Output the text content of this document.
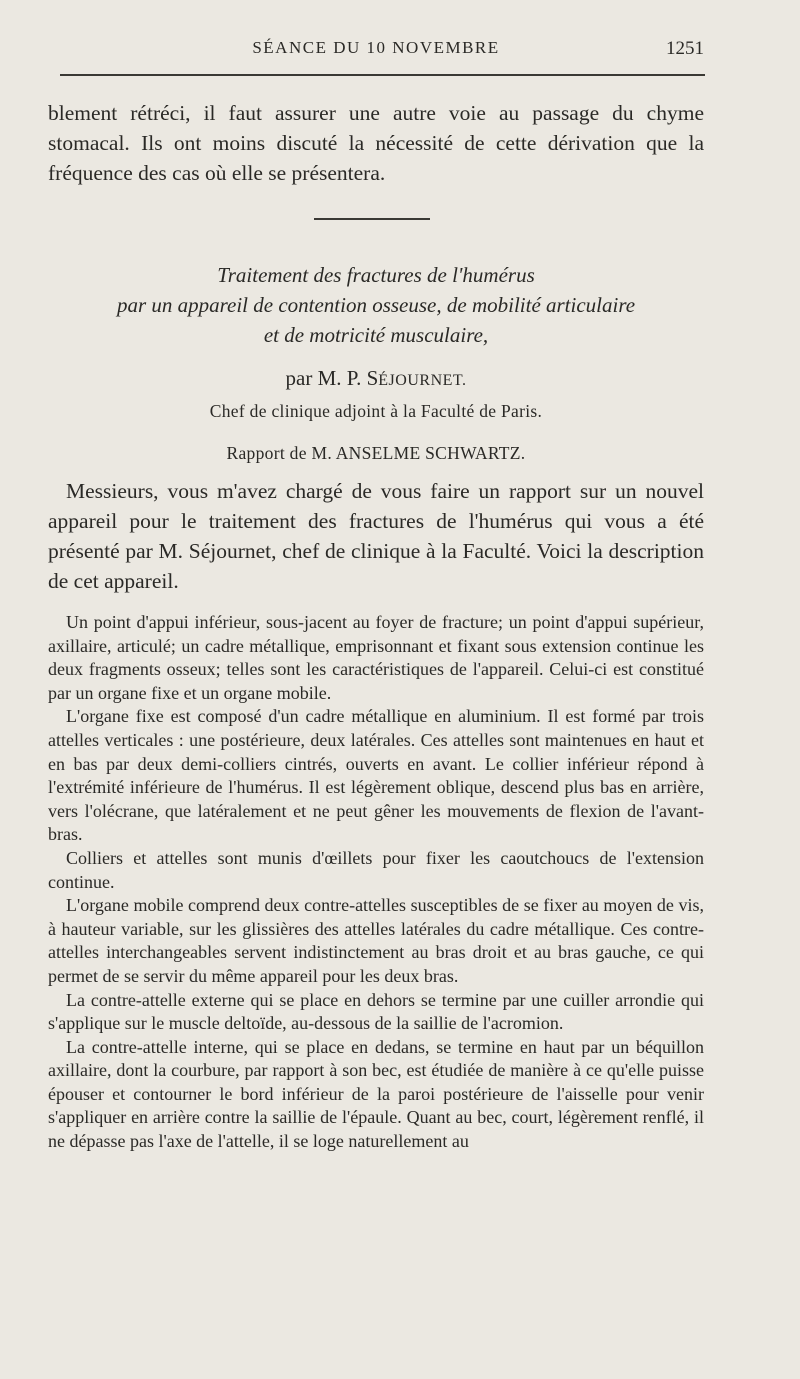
SÉANCE DU 10 NOVEMBRE	1251

blement rétréci, il faut assurer une autre voie au passage du chyme stomacal. Ils ont moins discuté la nécessité de cette dérivation que la fréquence des cas où elle se présentera.

Traitement des fractures de l'humérus
par un appareil de contention osseuse, de mobilité articulaire
et de motricité musculaire,
par M. P. SÉJOURNET.
Chef de clinique adjoint à la Faculté de Paris.
Rapport de M. ANSELME SCHWARTZ.

Messieurs, vous m'avez chargé de vous faire un rapport sur un nouvel appareil pour le traitement des fractures de l'humérus qui vous a été présenté par M. Séjournet, chef de clinique à la Faculté. Voici la description de cet appareil.

Un point d'appui inférieur, sous-jacent au foyer de fracture; un point d'appui supérieur, axillaire, articulé; un cadre métallique, emprisonnant et fixant sous extension continue les deux fragments osseux; telles sont les caractéristiques de l'appareil. Celui-ci est constitué par un organe fixe et un organe mobile.

L'organe fixe est composé d'un cadre métallique en aluminium. Il est formé par trois attelles verticales : une postérieure, deux latérales. Ces attelles sont maintenues en haut et en bas par deux demi-colliers cintrés, ouverts en avant. Le collier inférieur répond à l'extrémité inférieure de l'humérus. Il est légèrement oblique, descend plus bas en arrière, vers l'olécrane, que latéralement et ne peut gêner les mouvements de flexion de l'avant-bras.

Colliers et attelles sont munis d'œillets pour fixer les caoutchoucs de l'extension continue.

L'organe mobile comprend deux contre-attelles susceptibles de se fixer au moyen de vis, à hauteur variable, sur les glissières des attelles latérales du cadre métallique. Ces contre-attelles interchangeables servent indistinctement au bras droit et au bras gauche, ce qui permet de se servir du même appareil pour les deux bras.

La contre-attelle externe qui se place en dehors se termine par une cuiller arrondie qui s'applique sur le muscle deltoïde, au-dessous de la saillie de l'acromion.

La contre-attelle interne, qui se place en dedans, se termine en haut par un béquillon axillaire, dont la courbure, par rapport à son bec, est étudiée de manière à ce qu'elle puisse épouser et contourner le bord inférieur de la paroi postérieure de l'aisselle pour venir s'appliquer en arrière contre la saillie de l'épaule. Quant au bec, court, légèrement renflé, il ne dépasse pas l'axe de l'attelle, il se loge naturellement au
